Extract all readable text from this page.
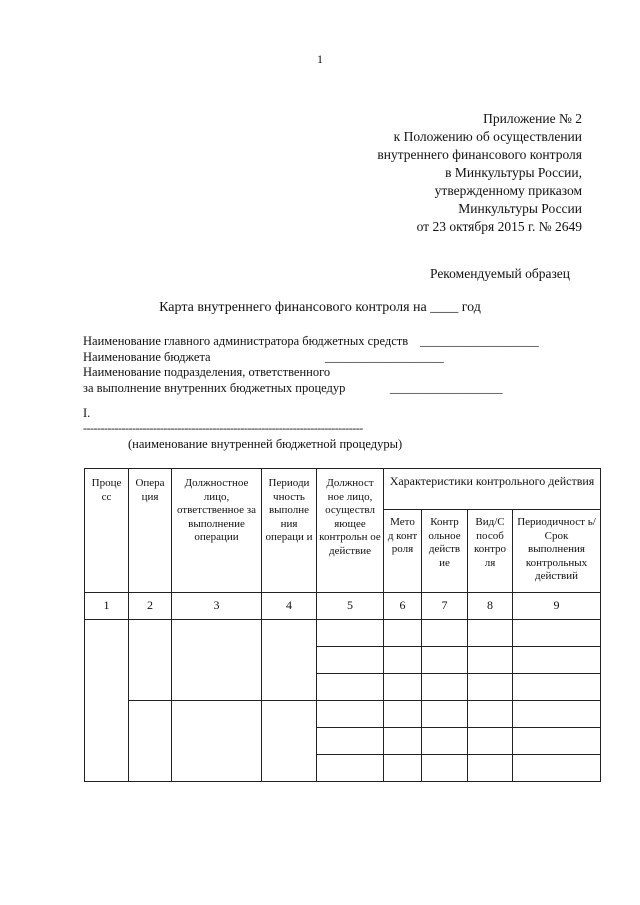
1
Приложение № 2
к Положению об осуществлении
внутреннего финансового контроля
в Минкультуры России,
утвержденному приказом
Минкультуры России
от 23 октября 2015 г. № 2649
Рекомендуемый образец
Карта внутреннего финансового контроля на ____ год
Наименование главного администратора бюджетных средств ___________________
Наименование бюджета	___________________
Наименование подразделения, ответственного
за выполнение внутренних бюджетных процедур	__________________
I.
--------------------------------------------------------------------------------
(наименование внутренней бюджетной процедуры)
Проце сс	Опера ция	Должностное лицо, ответственное за выполнение операции	Периоди чность выполне ния операци и	Должност ное лицо, осуществл яющее контрольн ое действие	Характеристики контрольного действия			
					Мето д конт роля	Контр ольное действ ие	Вид/С пособ контро ля	Периодичност ь/Срок выполнения контрольных действий
1	2	3	4	5	6	7	8	9
